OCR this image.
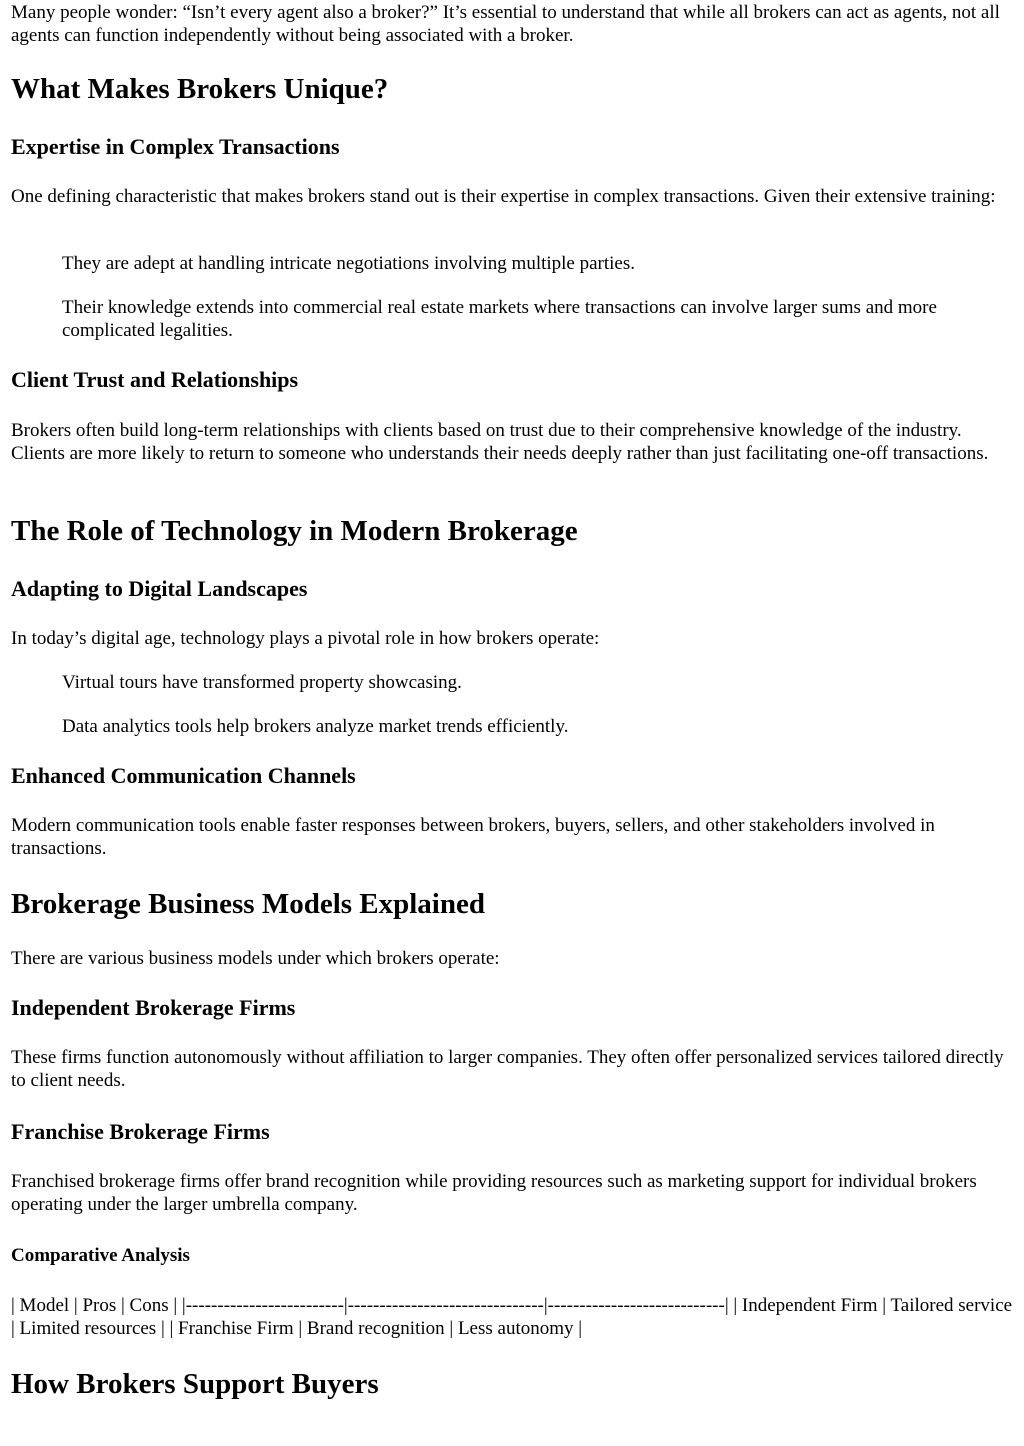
Many people wonder: “Isn’t every agent also a broker?” It’s essential to understand that while all brokers can act as agents, not all agents can function independently without being associated with a broker.

What Makes Brokers Unique?
Expertise in Complex Transactions

One defining characteristic that makes brokers stand out is their expertise in complex transactions. Given their extensive training:

They are adept at handling intricate negotiations involving multiple parties.

Their knowledge extends into commercial real estate markets where transactions can involve larger sums and more complicated legalities.

Client Trust and Relationships

Brokers often build long-term relationships with clients based on trust due to their comprehensive knowledge of the industry. Clients are more likely to return to someone who understands their needs deeply rather than just facilitating one-off transactions.

The Role of Technology in Modern Brokerage
Adapting to Digital Landscapes

In today’s digital age, technology plays a pivotal role in how brokers operate:

Virtual tours have transformed property showcasing.

Data analytics tools help brokers analyze market trends efficiently.

Enhanced Communication Channels

Modern communication tools enable faster responses between brokers, buyers, sellers, and other stakeholders involved in transactions.

Brokerage Business Models Explained

There are various business models under which brokers operate:

Independent Brokerage Firms

These firms function autonomously without affiliation to larger companies. They often offer personalized services tailored directly to client needs.

Franchise Brokerage Firms

Franchised brokerage firms offer brand recognition while providing resources such as marketing support for individual brokers operating under the larger umbrella company.

Comparative Analysis

| Model | Pros | Cons | |-------------------------|-------------------------------|----------------------------| | Independent Firm | Tailored service | Limited resources | | Franchise Firm | Brand recognition | Less autonomy |

How Brokers Support Buyers
